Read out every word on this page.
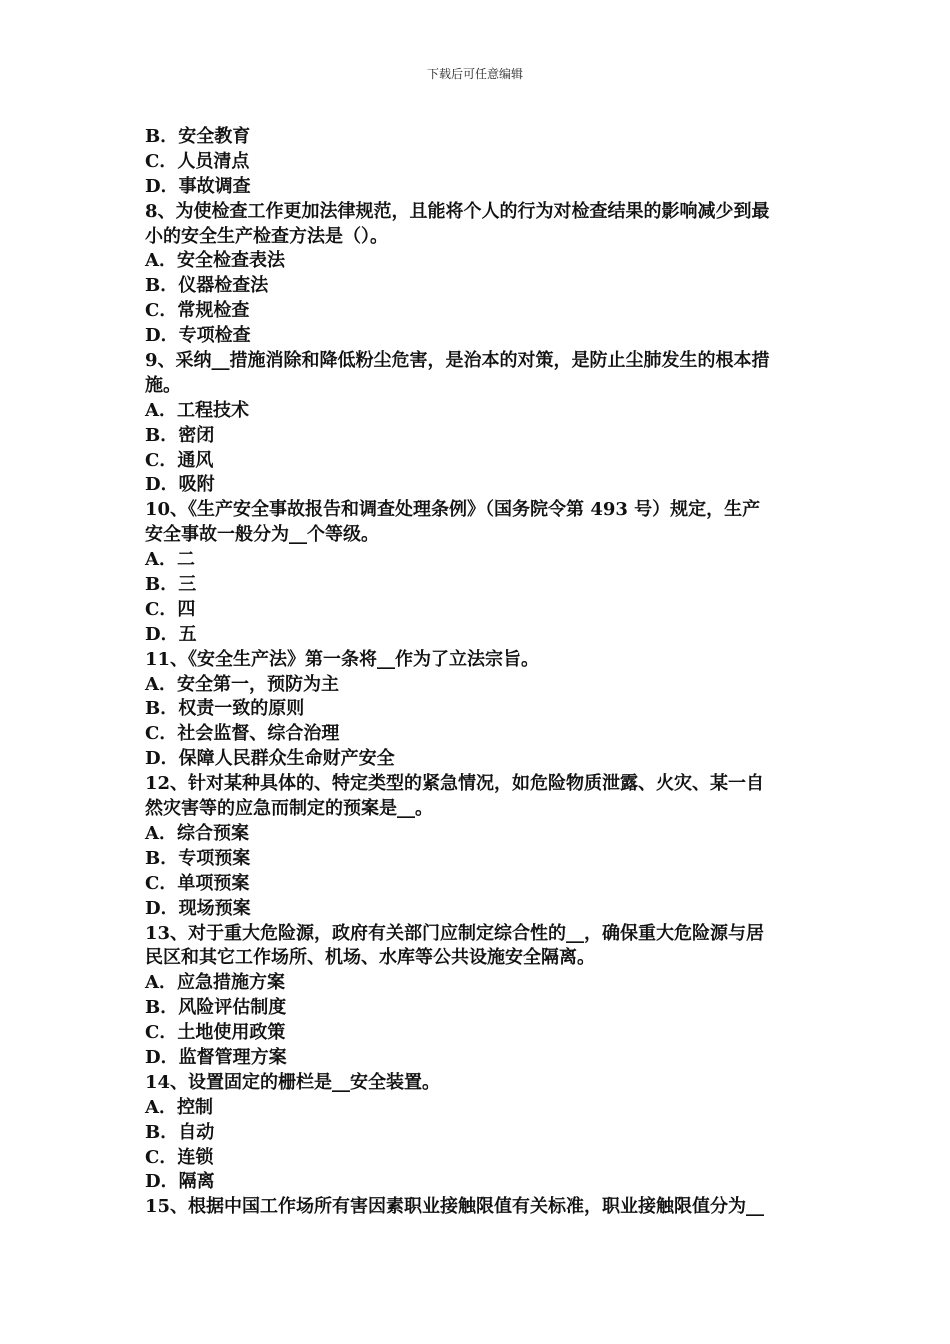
下载后可任意编辑
B．安全教育
C．人员清点
D．事故调查
8、为使检查工作更加法律规范，且能将个人的行为对检查结果的影响减少到最
小的安全生产检查方法是（）。
A．安全检查表法
B．仪器检查法
C．常规检查
D．专项检查
9、采纳__措施消除和降低粉尘危害，是治本的对策，是防止尘肺发生的根本措
施。
A．工程技术
B．密闭
C．通风
D．吸附
10、《生产安全事故报告和调查处理条例》（国务院令第 493 号）规定，生产
安全事故一般分为__个等级。
A．二
B．三
C．四
D．五
11、《安全生产法》第一条将__作为了立法宗旨。
A．安全第一，预防为主
B．权责一致的原则
C．社会监督、综合治理
D．保障人民群众生命财产安全
12、针对某种具体的、特定类型的紧急情况，如危险物质泄露、火灾、某一自
然灾害等的应急而制定的预案是__。
A．综合预案
B．专项预案
C．单项预案
D．现场预案
13、对于重大危险源，政府有关部门应制定综合性的__，确保重大危险源与居
民区和其它工作场所、机场、水库等公共设施安全隔离。
A．应急措施方案
B．风险评估制度
C．土地使用政策
D．监督管理方案
14、设置固定的栅栏是__安全装置。
A．控制
B．自动
C．连锁
D．隔离
15、根据中国工作场所有害因素职业接触限值有关标准，职业接触限值分为__
